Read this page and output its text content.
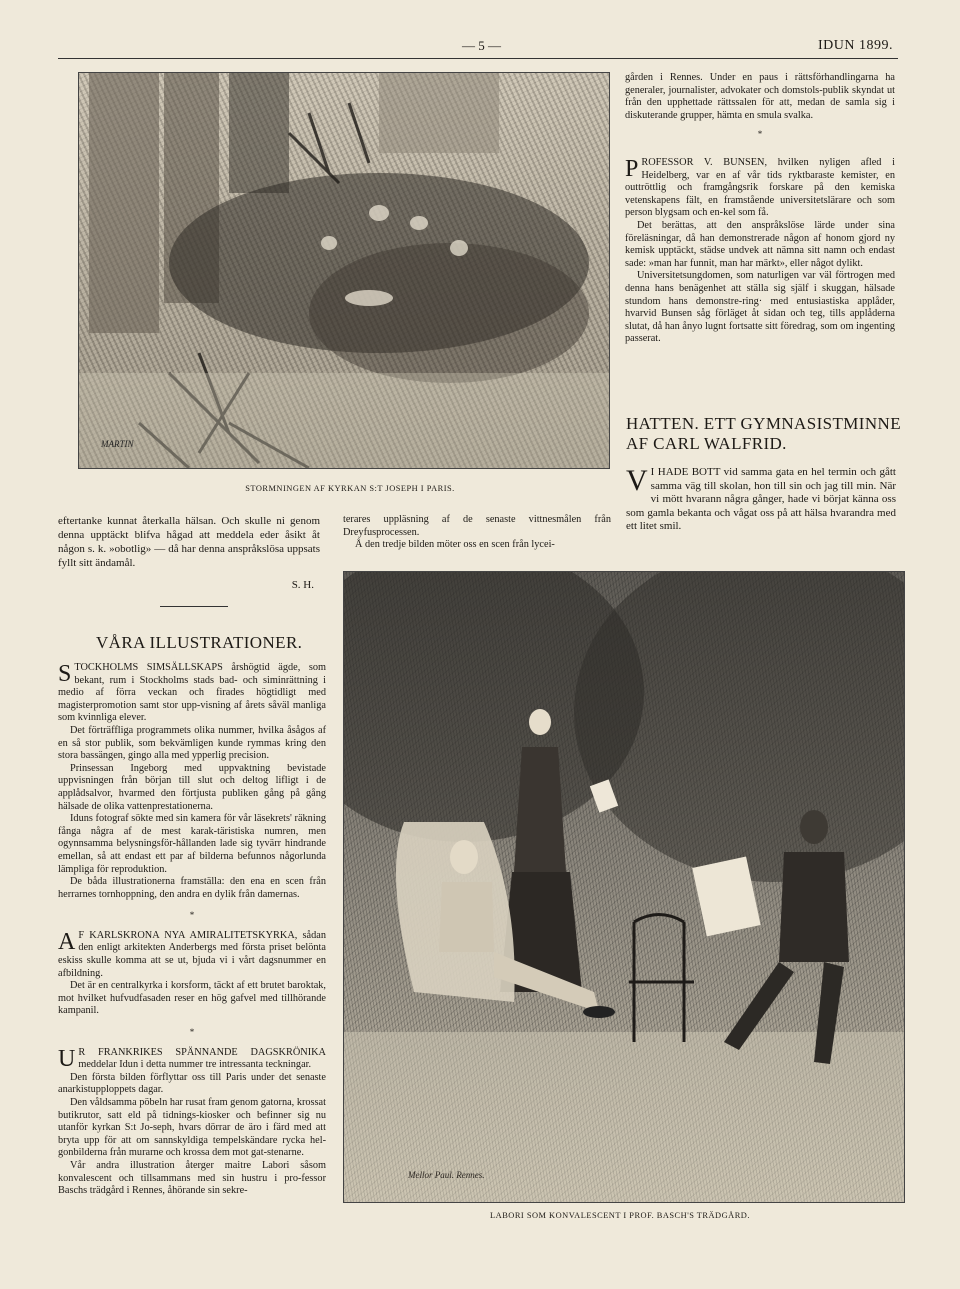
— 5 —	IDUN 1899.
MARTIN
STORMNINGEN AF KYRKAN S:T JOSEPH I PARIS.

gården i Rennes. Under en paus i rättsförhandlingarna ha generaler, journalister, advokater och domstols-publik skyndat ut från den upphettade rättssalen för att, medan de samla sig i diskuterande grupper, hämta en smula svalka.

*

PROFESSOR V. BUNSEN, hvilken nyligen afled i Heidelberg, var en af vår tids ryktbaraste kemister, en outtröttlig och framgångsrik forskare på den kemiska vetenskapens fält, en framstående universitetslärare och som person blygsam och en-kel som få.

Det berättas, att den anspråkslöse lärde under sina föreläsningar, då han demonstrerade någon af honom gjord ny kemisk upptäckt, städse undvek att nämna sitt namn och endast sade: »man har funnit, man har märkt», eller något dylikt.

Universitetsungdomen, som naturligen var väl förtrogen med denna hans benägenhet att ställa sig själf i skuggan, hälsade stundom hans demonstre-ring· med entusiastiska applåder, hvarvid Bunsen såg förläget åt sidan och teg, tills applåderna slutat, då han ånyo lugnt fortsatte sitt föredrag, som om ingenting passerat.

HATTEN. ETT GYMNASISTMINNE
AF CARL WALFRID.

V I HADE BOTT vid samma gata en hel termin och gått samma väg till skolan, hon till sin och jag till min. När vi mött hvarann några gånger, hade vi börjat känna oss som gamla bekanta och vågat oss på att hälsa hvarandra med ett litet smil.

eftertanke kunnat återkalla hälsan. Och skulle ni genom denna upptäckt blifva hågad att meddela eder åsikt åt någon s. k. »obotlig» — då har denna anspråkslösa uppsats fyllt sitt ändamål.

S. H.

terares uppläsning af de senaste vittnesmålen från Dreyfusprocessen.

Å den tredje bilden möter oss en scen från lycei-

VÅRA ILLUSTRATIONER.

STOCKHOLMS SIMSÄLLSKAPS årshögtid ägde, som bekant, rum i Stockholms stads bad- och siminrättning i medio af förra veckan och firades högtidligt med magisterpromotion samt stor upp-visning af årets såväl manliga som kvinnliga elever.

Det förträffliga programmets olika nummer, hvilka åsågos af en så stor publik, som bekvämligen kunde rymmas kring den stora bassängen, gingo alla med ypperlig precision.

Prinsessan Ingeborg med uppvaktning bevistade uppvisningen från början till slut och deltog lifligt i de applådsalvor, hvarmed den förtjusta publiken gång på gång hälsade de olika vattenprestationerna.

Iduns fotograf sökte med sin kamera för vår läsekrets' räkning fånga några af de mest karak-täristiska numren, men ogynnsamma belysningsför-hållanden lade sig tyvärr hindrande emellan, så att endast ett par af bilderna befunnos någorlunda lämpliga för reproduktion.

De båda illustrationerna framställa: den ena en scen från herrarnes tornhoppning, den andra en dylik från damernas.

*

A F KARLSKRONA NYA AMIRALITETSKYRKA, sådan den enligt arkitekten Anderbergs med första priset belönta eskiss skulle komma att se ut, bjuda vi i vårt dagsnummer en afbildning.

Det är en centralkyrka i korsform, täckt af ett brutet baroktak, mot hvilket hufvudfasaden reser en hög gafvel med tillhörande kampanil.

*

U R FRANKRIKES SPÄNNANDE DAGSKRÖNIKA meddelar Idun i detta nummer tre intressanta teckningar.

Den första bilden förflyttar oss till Paris under det senaste anarkistupploppets dagar.

Den våldsamma pöbeln har rusat fram genom gatorna, krossat butikrutor, satt eld på tidnings-kiosker och befinner sig nu utanför kyrkan S:t Jo-seph, hvars dörrar de äro i färd med att bryta upp för att om sannskyldiga tempelskändare rycka hel-gonbilderna från murarne och krossa dem mot gat-stenarne.

Vår andra illustration återger maitre Labori såsom konvalescent och tillsammans med sin hustru i pro-fessor Baschs trädgård i Rennes, åhörande sin sekre-

Mellor Paul. Rennes.
LABORI SOM KONVALESCENT I PROF. BASCH'S TRÄDGÅRD.
